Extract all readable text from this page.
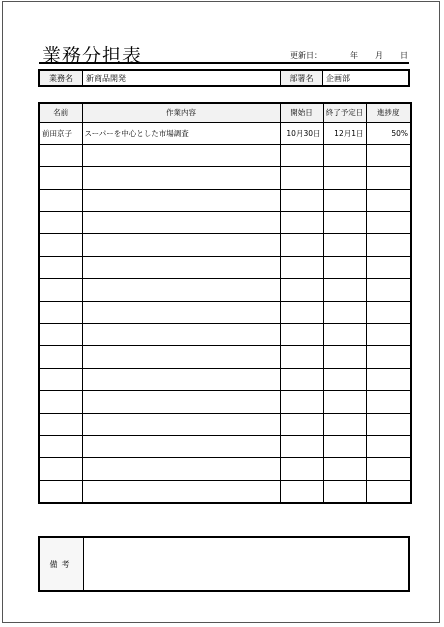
業務分担表	更新日：	年 月 日
業務名	新商品開発	部署名	企画部
名前	作業内容	開始日	終了予定日	進捗度
前田京子	スーパーを中心とした市場調査	10月30日	12月1日	50%

備考
